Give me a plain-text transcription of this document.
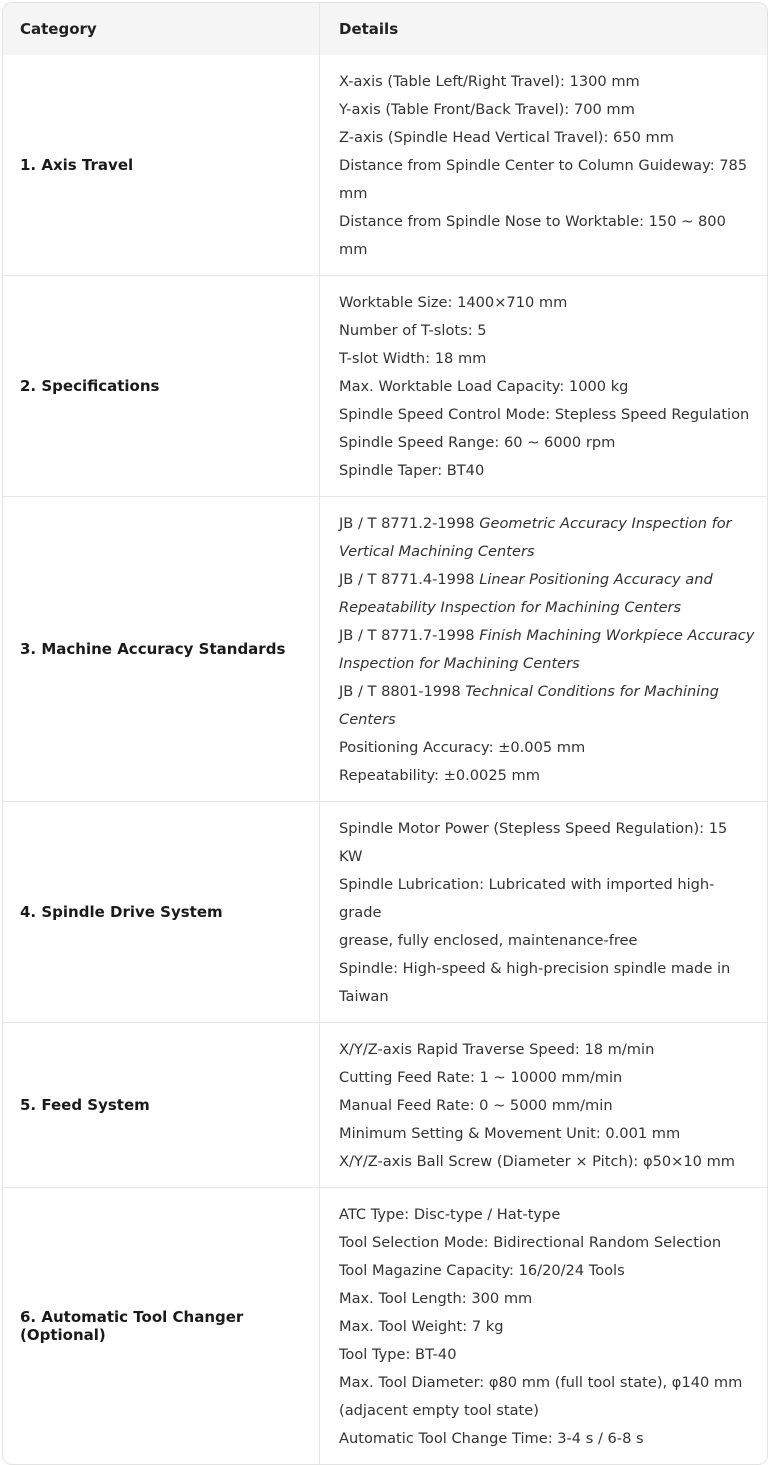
Category	Details
1. Axis Travel
X-axis (Table Left/Right Travel): 1300 mm
Y-axis (Table Front/Back Travel): 700 mm
Z-axis (Spindle Head Vertical Travel): 650 mm
Distance from Spindle Center to Column Guideway: 785
mm
Distance from Spindle Nose to Worktable: 150 ~ 800 mm
2. Specifications
Worktable Size: 1400×710 mm
Number of T-slots: 5
T-slot Width: 18 mm
Max. Worktable Load Capacity: 1000 kg
Spindle Speed Control Mode: Stepless Speed Regulation
Spindle Speed Range: 60 ~ 6000 rpm
Spindle Taper: BT40
3. Machine Accuracy Standards
JB / T 8771.2-1998 Geometric Accuracy Inspection for
Vertical Machining Centers
JB / T 8771.4-1998 Linear Positioning Accuracy and
Repeatability Inspection for Machining Centers
JB / T 8771.7-1998 Finish Machining Workpiece Accuracy
Inspection for Machining Centers
JB / T 8801-1998 Technical Conditions for Machining
Centers
Positioning Accuracy: ±0.005 mm
Repeatability: ±0.0025 mm
4. Spindle Drive System
Spindle Motor Power (Stepless Speed Regulation): 15 KW
Spindle Lubrication: Lubricated with imported high-grade
grease, fully enclosed, maintenance-free
Spindle: High-speed & high-precision spindle made in
Taiwan
5. Feed System
X/Y/Z-axis Rapid Traverse Speed: 18 m/min
Cutting Feed Rate: 1 ~ 10000 mm/min
Manual Feed Rate: 0 ~ 5000 mm/min
Minimum Setting & Movement Unit: 0.001 mm
X/Y/Z-axis Ball Screw (Diameter × Pitch): φ50×10 mm
6. Automatic Tool Changer (Optional)
ATC Type: Disc-type / Hat-type
Tool Selection Mode: Bidirectional Random Selection
Tool Magazine Capacity: 16/20/24 Tools
Max. Tool Length: 300 mm
Max. Tool Weight: 7 kg
Tool Type: BT-40
Max. Tool Diameter: φ80 mm (full tool state), φ140 mm
(adjacent empty tool state)
Automatic Tool Change Time: 3-4 s / 6-8 s
